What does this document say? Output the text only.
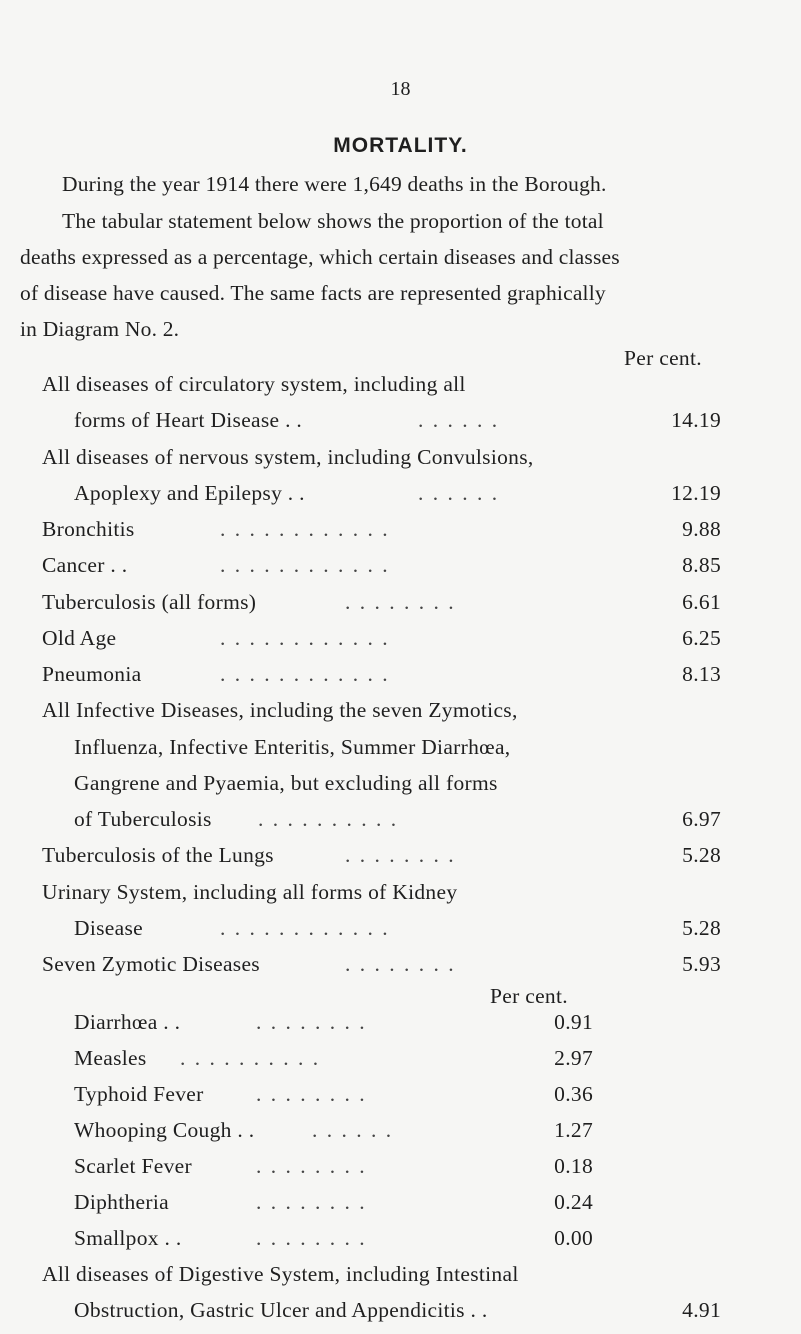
18
MORTALITY.
During the year 1914 there were 1,649 deaths in the Borough.
The tabular statement below shows the proportion of the total
deaths expressed as a percentage, which certain diseases and classes
of disease have caused. The same facts are represented graphically
in Diagram No. 2.
Per cent.
All diseases of circulatory system, including all
forms of Heart Disease . .	. . . . . .	14.19
All diseases of nervous system, including Convulsions,
Apoplexy and Epilepsy . .	. . . . . .	12.19
Bronchitis	. . . . . . . . . . . .	9.88
Cancer . .	. . . . . . . . . . . .	8.85
Tuberculosis (all forms)	. . . . . . . .	6.61
Old Age	. . . . . . . . . . . .	6.25
Pneumonia	. . . . . . . . . . . .	8.13
All Infective Diseases, including the seven Zymotics,
Influenza, Infective Enteritis, Summer Diarrhœa,
Gangrene and Pyaemia, but excluding all forms
of Tuberculosis . . . . . . . . . .	6.97
Tuberculosis of the Lungs	. . . . . . . .	5.28
Urinary System, including all forms of Kidney
Disease	. . . . . . . . . . . .	5.28
Seven Zymotic Diseases	. . . . . . . .	5.93
Per cent.
Diarrhœa . .	. . . . . . . .	0.91
Measles . . . . . . . . . .	2.97
Typhoid Fever . . . . . . . .	0.36
Whooping Cough . .	. . . . . .	1.27
Scarlet Fever	. . . . . . . .	0.18
Diphtheria	. . . . . . . .	0.24
Smallpox . .	. . . . . . . .	0.00
All diseases of Digestive System, including Intestinal
Obstruction, Gastric Ulcer and Appendicitis . .	4.91
